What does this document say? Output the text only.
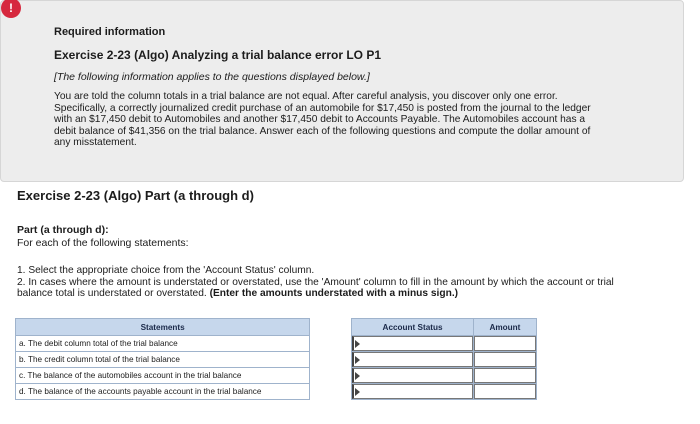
!
Required information
Exercise 2-23 (Algo) Analyzing a trial balance error LO P1
[The following information applies to the questions displayed below.]

You are told the column totals in a trial balance are not equal. After careful analysis, you discover only one error.

Specifically, a correctly journalized credit purchase of an automobile for $17,450 is posted from the journal to the ledger

with an $17,450 debit to Automobiles and another $17,450 debit to Accounts Payable. The Automobiles account has a

debit balance of $41,356 on the trial balance. Answer each of the following questions and compute the dollar amount of

any misstatement.

Exercise 2-23 (Algo) Part (a through d)
Part (a through d):
For each of the following statements:

1. Select the appropriate choice from the 'Account Status' column.

2. In cases where the amount is understated or overstated, use the 'Amount' column to fill in the amount by which the account or trial

balance total is understated or overstated. (Enter the amounts understated with a minus sign.)

Statements		Account Status	Amount
a. The debit column total of the trial balance		

b. The credit column total of the trial balance		

c. The balance of the automobiles account in the trial balance		

d. The balance of the accounts payable account in the trial balance		
